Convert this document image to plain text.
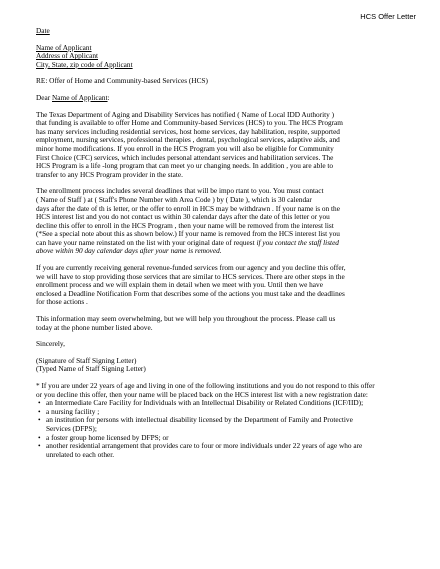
HCS Offer Letter
Date
Name of Applicant
Address of Applicant
City, State, zip code of Applicant
RE: Offer of Home and Community-based Services (HCS)
Dear Name of Applicant:
The Texas Department of Aging and Disability Services has notified ( Name of Local IDD Authority )
that funding is available to offer Home and Community-based Services (HCS) to you. The HCS Program
has many services including residential services, host home services, day habilitation, respite, supported
employment, nursing services, professional therapies , dental, psychological services, adaptive aids, and
minor home modifications. If you enroll in the HCS Program you will also be eligible for Community
First Choice (CFC) services, which includes personal attendant services and habilitation services. The
HCS Program is a life -long program that can meet yo ur changing needs. In addition , you are able to
transfer to any HCS Program provider in the state.
The enrollment process includes several deadlines that will be impo rtant to you. You must contact
( Name of Staff ) at ( Staff's Phone Number with Area Code ) by ( Date ), which is 30 calendar
days after the date of th is letter, or the offer to enroll in HCS may be withdrawn . If your name is on the
HCS interest list and you do not contact us within 30 calendar days after the date of this letter or you
decline this offer to enroll in the HCS Program , then your name will be removed from the interest list
(*See a special note about this as shown below.) If your name is removed from the HCS interest list you
can have your name reinstated on the list with your original date of request if you contact the staff listed
above within 90 day calendar days after your name is removed.
If you are currently receiving general revenue-funded services from our agency and you decline this offer,
we will have to stop providing those services that are similar to HCS services. There are other steps in the
enrollment process and we will explain them in detail when we meet with you. Until then we have
enclosed a Deadline Notification Form that describes some of the actions you must take and the deadlines
for those actions .
This information may seem overwhelming, but we will help you throughout the process. Please call us
today at the phone number listed above.
Sincerely,
(Signature of Staff Signing Letter)
(Typed Name of Staff Signing Letter)
* If you are under 22 years of age and living in one of the following institutions and you do not respond to this offer
or you decline this offer, then your name will be placed back on the HCS interest list with a new registration date:
• an Intermediate Care Facility for Individuals with an Intellectual Disability or Related Conditions (ICF/IID);
• a nursing facility ;
• an institution for persons with intellectual disability licensed by the Department of Family and Protective
Services (DFPS);
• a foster group home licensed by DFPS; or
• another residential arrangement that provides care to four or more individuals under 22 years of age who are
unrelated to each other.
